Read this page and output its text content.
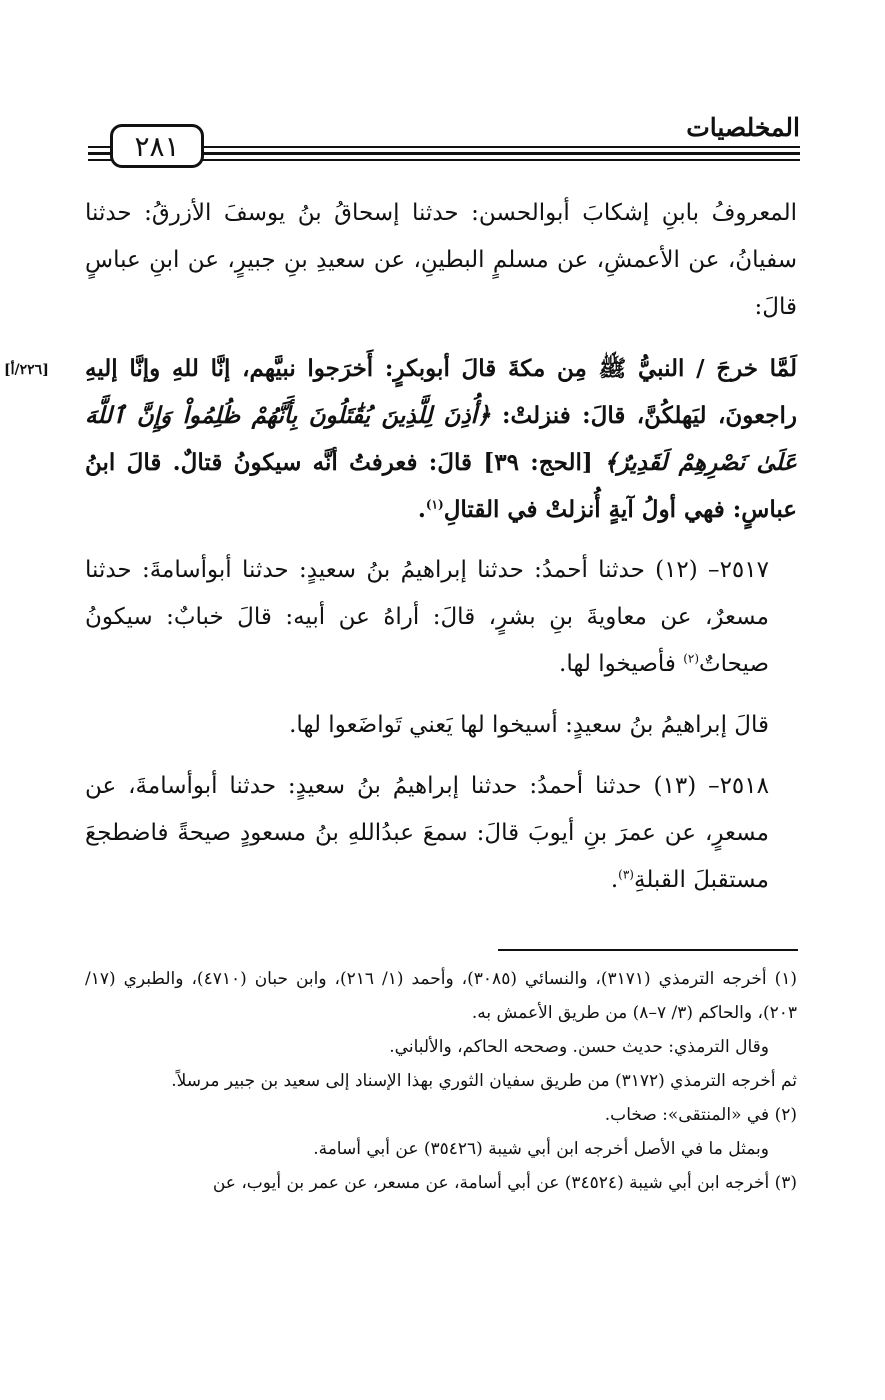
٢٨١
المخلصيات
[٢٢٦/أ]

المعروفُ بابنِ إشكابَ أبوالحسن: حدثنا إسحاقُ بنُ يوسفَ الأزرقُ: حدثنا سفيانُ، عن الأعمشِ، عن مسلمٍ البطينِ، عن سعيدِ بنِ جبيرٍ، عن ابنِ عباسٍ قالَ:

لَمَّا خرجَ / النبيُّ ﷺ مِن مكةَ قالَ أبوبكرٍ: أَخرَجوا نبيَّهم، إنَّا للهِ وإنَّا إليهِ راجعونَ، ليَهلكُنَّ، قالَ: فنزلتْ: ﴿أُذِنَ لِلَّذِينَ يُقَٰتَلُونَ بِأَنَّهُمْ ظُلِمُواْ وَإِنَّ ٱللَّهَ عَلَىٰ نَصْرِهِمْ لَقَدِيرٌ﴾ [الحج: ٣٩] قالَ: فعرفتُ أنَّه سيكونُ قتالٌ. قالَ ابنُ عباسٍ: فهي أولُ آيةٍ أُنزلتْ في القتالِ$^{(١)}$.

٢٥١٧– (١٢) حدثنا أحمدُ: حدثنا إبراهيمُ بنُ سعيدٍ: حدثنا أبوأسامةَ: حدثنا مسعرٌ، عن معاويةَ بنِ بشرٍ، قالَ: أراهُ عن أبيه: قالَ خبابٌ: سيكونُ صيحاتٌ$^{(٢)}$ فأصيخوا لها.

قالَ إبراهيمُ بنُ سعيدٍ: أسيخوا لها يَعني تَواضَعوا لها.

٢٥١٨– (١٣) حدثنا أحمدُ: حدثنا إبراهيمُ بنُ سعيدٍ: حدثنا أبوأسامةَ، عن مسعرٍ، عن عمرَ بنِ أيوبَ قالَ: سمعَ عبدُاللهِ بنُ مسعودٍ صيحةً فاضطجعَ مستقبلَ القبلةِ$^{(٣)}$.

(١) أخرجه الترمذي (٣١٧١)، والنسائي (٣٠٨٥)، وأحمد (١/ ٢١٦)، وابن حبان (٤٧١٠)، والطبري (١٧/ ٢٠٣)، والحاكم (٣/ ٧–٨) من طريق الأعمش به.

وقال الترمذي: حديث حسن. وصححه الحاكم، والألباني.

ثم أخرجه الترمذي (٣١٧٢) من طريق سفيان الثوري بهذا الإسناد إلى سعيد بن جبير مرسلاً.

(٢) في «المنتقى»: صخاب.

وبمثل ما في الأصل أخرجه ابن أبي شيبة (٣٥٤٢٦) عن أبي أسامة.

(٣) أخرجه ابن أبي شيبة (٣٤٥٢٤) عن أبي أسامة، عن مسعر، عن عمر بن أيوب، عن
